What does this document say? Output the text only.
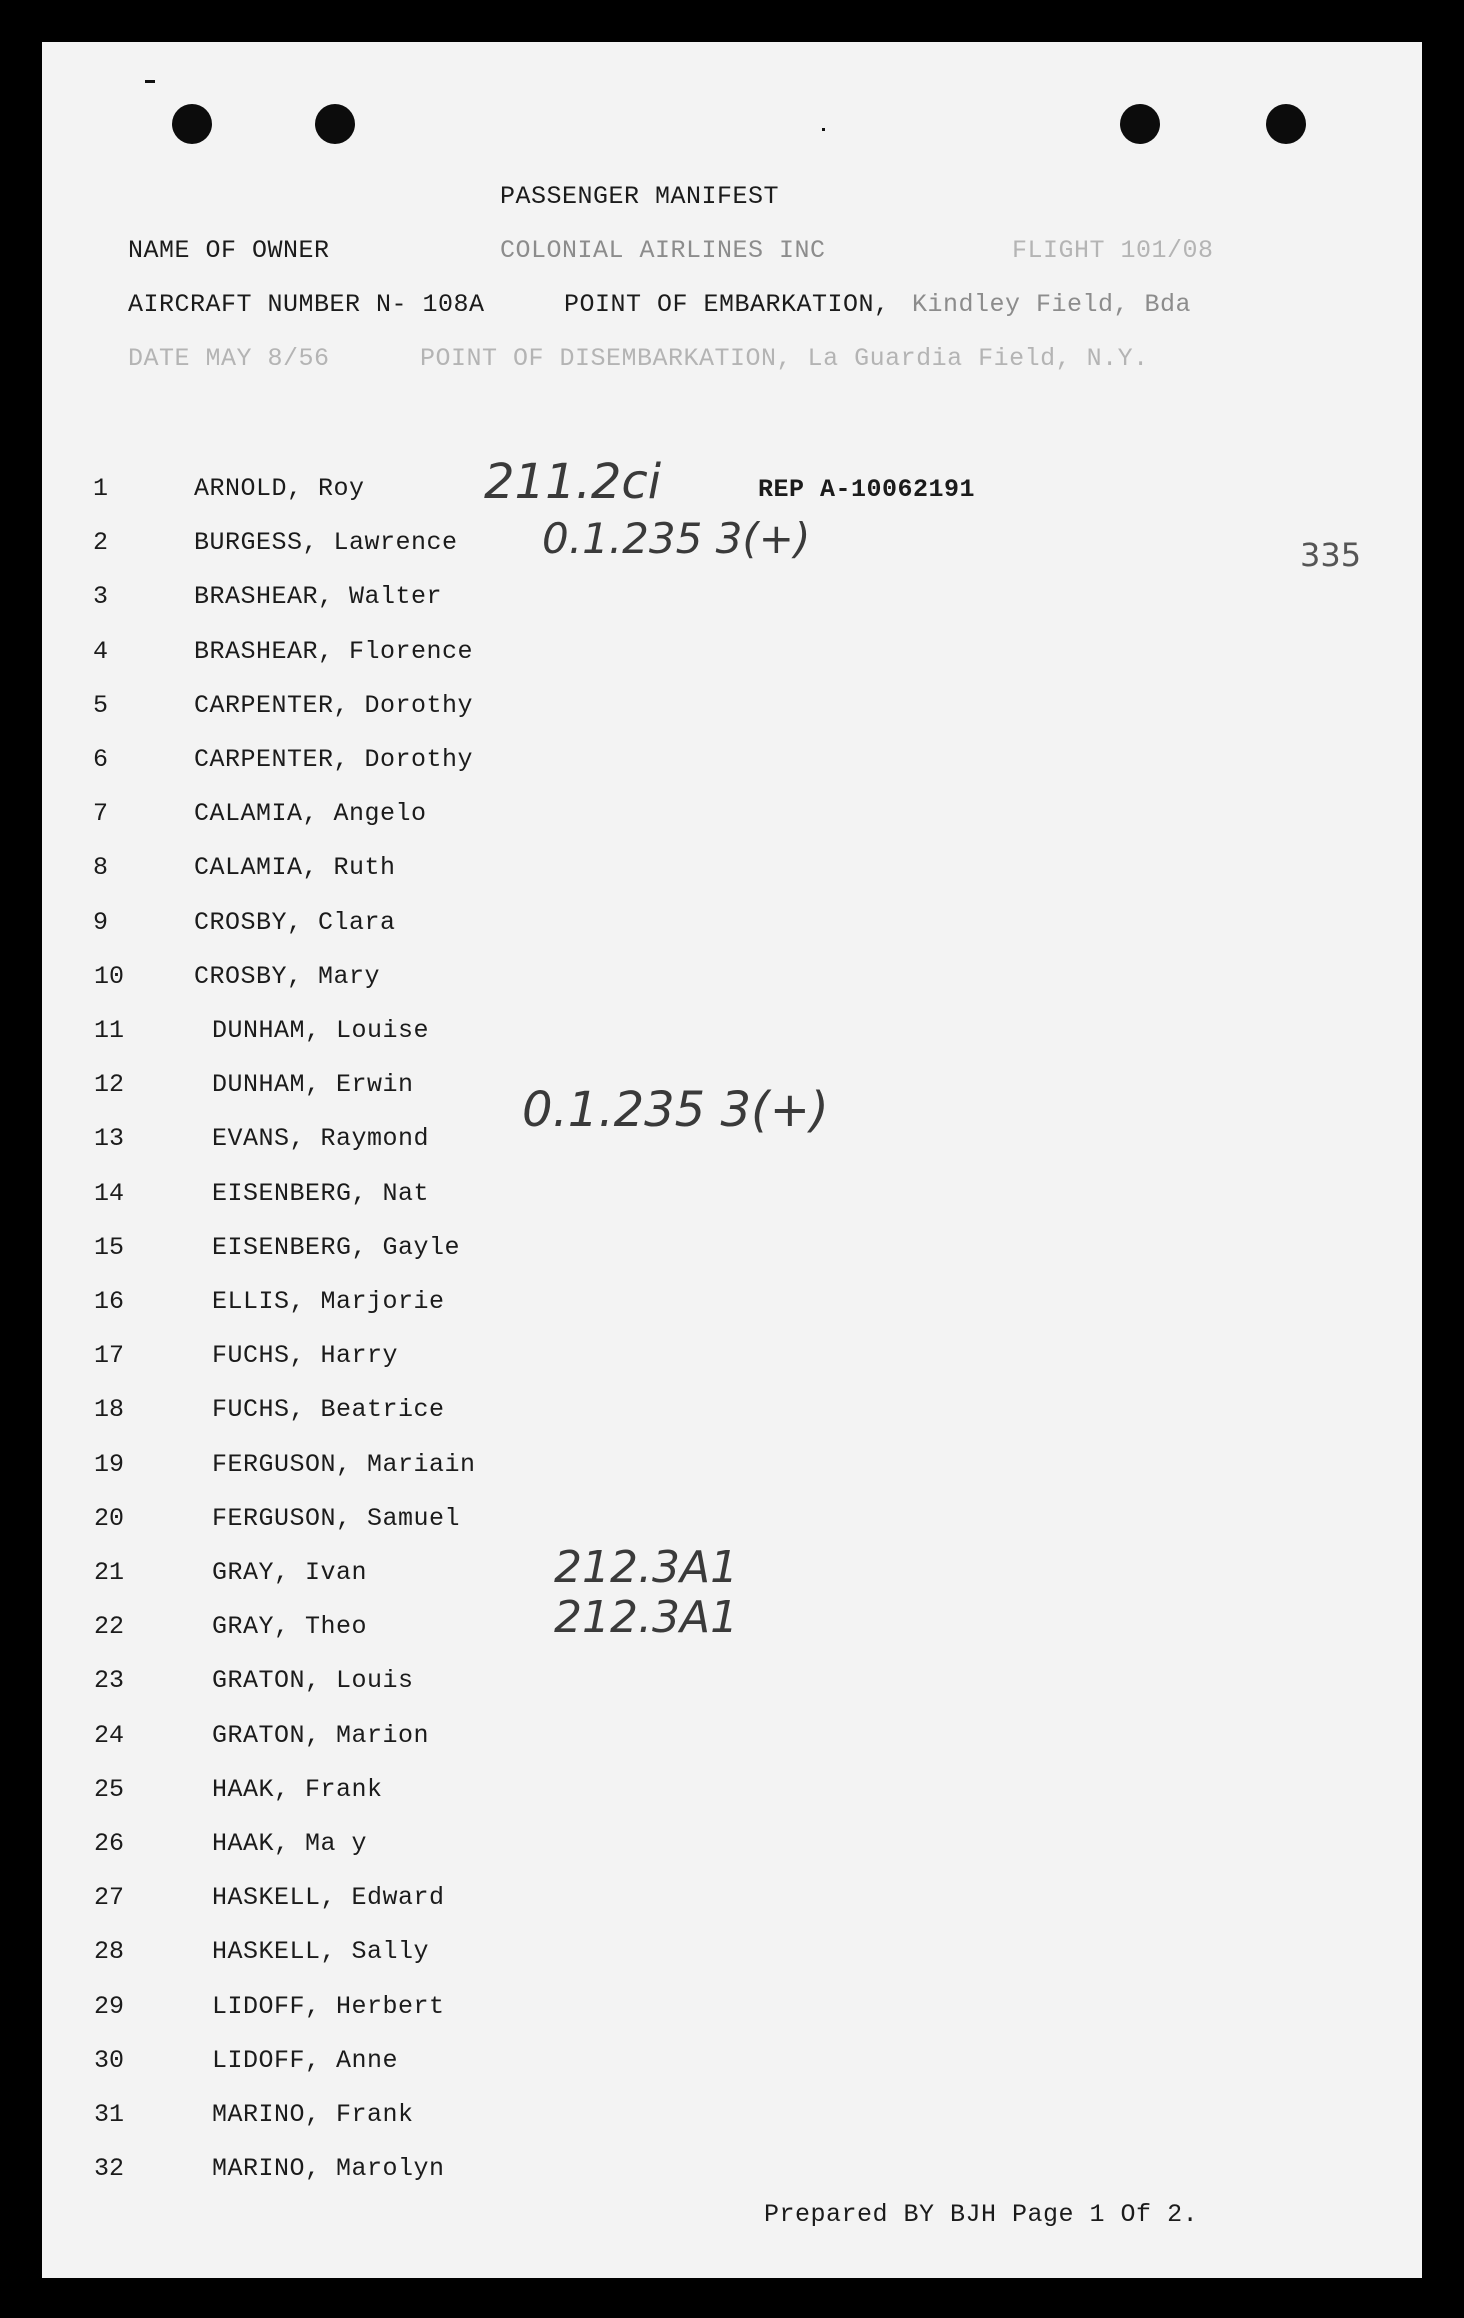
PASSENGER MANIFEST
NAME OF OWNER	COLONIAL AIRLINES INC	FLIGHT 101/08
AIRCRAFT NUMBER N- 108A	POINT OF EMBARKATION, Kindley Field, Bda
DATE MAY 8/56	POINT OF DISEMBARKATION, La Guardia Field, N.Y.
REP A-10062191
211.2ci
0.1.235 3(+)
0.1.235 3(+)
212.3A1
212.3A1
335
1	ARNOLD, Roy
2	BURGESS, Lawrence
3	BRASHEAR, Walter
4	BRASHEAR, Florence
5	CARPENTER, Dorothy
6	CARPENTER, Dorothy
7	CALAMIA, Angelo
8	CALAMIA, Ruth
9	CROSBY, Clara
10	CROSBY, Mary
11	DUNHAM, Louise
12	DUNHAM, Erwin
13	EVANS, Raymond
14	EISENBERG, Nat
15	EISENBERG, Gayle
16	ELLIS, Marjorie
17	FUCHS, Harry
18	FUCHS, Beatrice
19	FERGUSON, Mariain
20	FERGUSON, Samuel
21	GRAY, Ivan
22	GRAY, Theo
23	GRATON, Louis
24	GRATON, Marion
25	HAAK, Frank
26	HAAK, Ma y
27	HASKELL, Edward
28	HASKELL, Sally
29	LIDOFF, Herbert
30	LIDOFF, Anne
31	MARINO, Frank
32	MARINO, Marolyn
Prepared BY BJH Page 1 Of 2.
